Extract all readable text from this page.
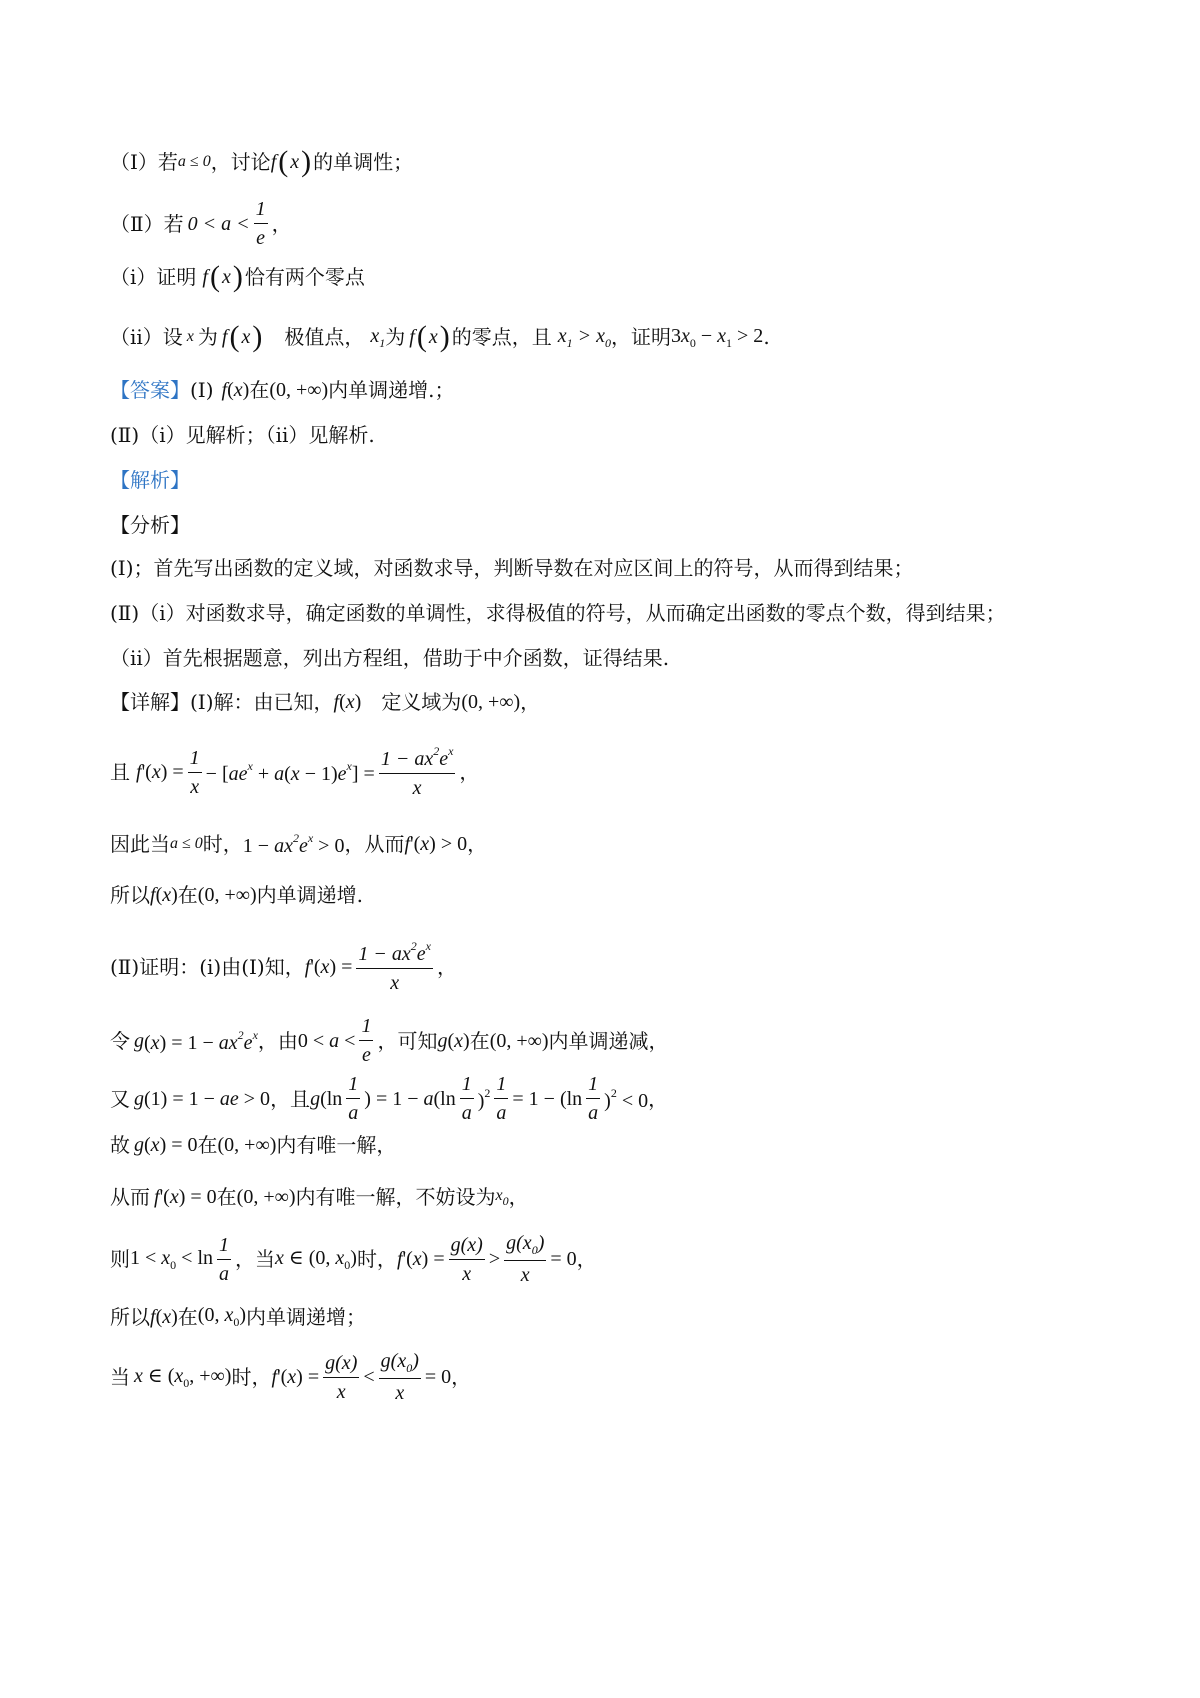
（Ⅰ）若 a ≤ 0 ，讨论 f ( x ) 的单调性；
（Ⅱ）若 $0 < a < \frac{1}{e}$ ，
（i）证明 f ( x ) 恰有两个零点
（ii）设 x 为 f ( x ) 极值点， $x_1$ 为 f ( x ) 的零点，且 $x_1 > x_0$ ，证明 $3x_0 - x_1 > 2$ .
【答案】 (Ⅰ) f ( x ) 在 (0, +∞) 内单调递增.；
(Ⅱ)（i）见解析；（ii）见解析.
【解析】
【分析】
(Ⅰ)；首先写出函数的定义域，对函数求导，判断导数在对应区间上的符号，从而得到结果；
(Ⅱ)（i）对函数求导，确定函数的单调性，求得极值的符号，从而确定出函数的零点个数，得到结果；
（ii）首先根据题意，列出方程组，借助于中介函数，证得结果.
【详解】 (Ⅰ)解：由已知， f ( x ) 定义域为 (0, +∞) ，
且 f '$(x) = \frac{1}{x} - [ae^x + a(x - 1)e^x] = \frac{1 - ax^2e^x}{x}$ ，
因此当 a ≤ 0 时， $1 - ax^2e^x > 0$ ，从而 f '(x) > 0 ，
所以 f ( x ) 在 (0, +∞) 内单调递增.
(Ⅱ)证明：(i)由(Ⅰ)知， f '$(x) = \frac{1 - ax^2e^x}{x}$ ，
令 g $(x) = 1 - ax^2e^x$ ，由 $0 < a < \frac{1}{e}$ ，可知 g (x) 在 (0, +∞) 内单调递减，
又 g (1) = 1 − ae > 0 ，且 g ($\ln \frac{1}{a}$ ) = $1 - a(\ln \frac{1}{a} )^2 \frac{1}{a} = 1 - (\ln \frac{1}{a} )^2 < 0$ ，
故 g (x) = 0 在 (0, +∞) 内有唯一解，
从而 f '(x) = 0 在 (0, +∞) 内有唯一解，不妨设为 $x_0$ ，
则 $1 < x_0 < \ln \frac{1}{a}$ ，当 x ∈ (0, $x_0$) 时， f '$(x) = \frac{g(x)}{x} > \frac{g(x_0)}{x} = 0$ ，
所以 f ( x ) 在 (0, $x_0$) 内单调递增；
当 x ∈ ($x_0$, +∞) 时， f '$(x) = \frac{g(x)}{x} < \frac{g(x_0)}{x} = 0$ ，
